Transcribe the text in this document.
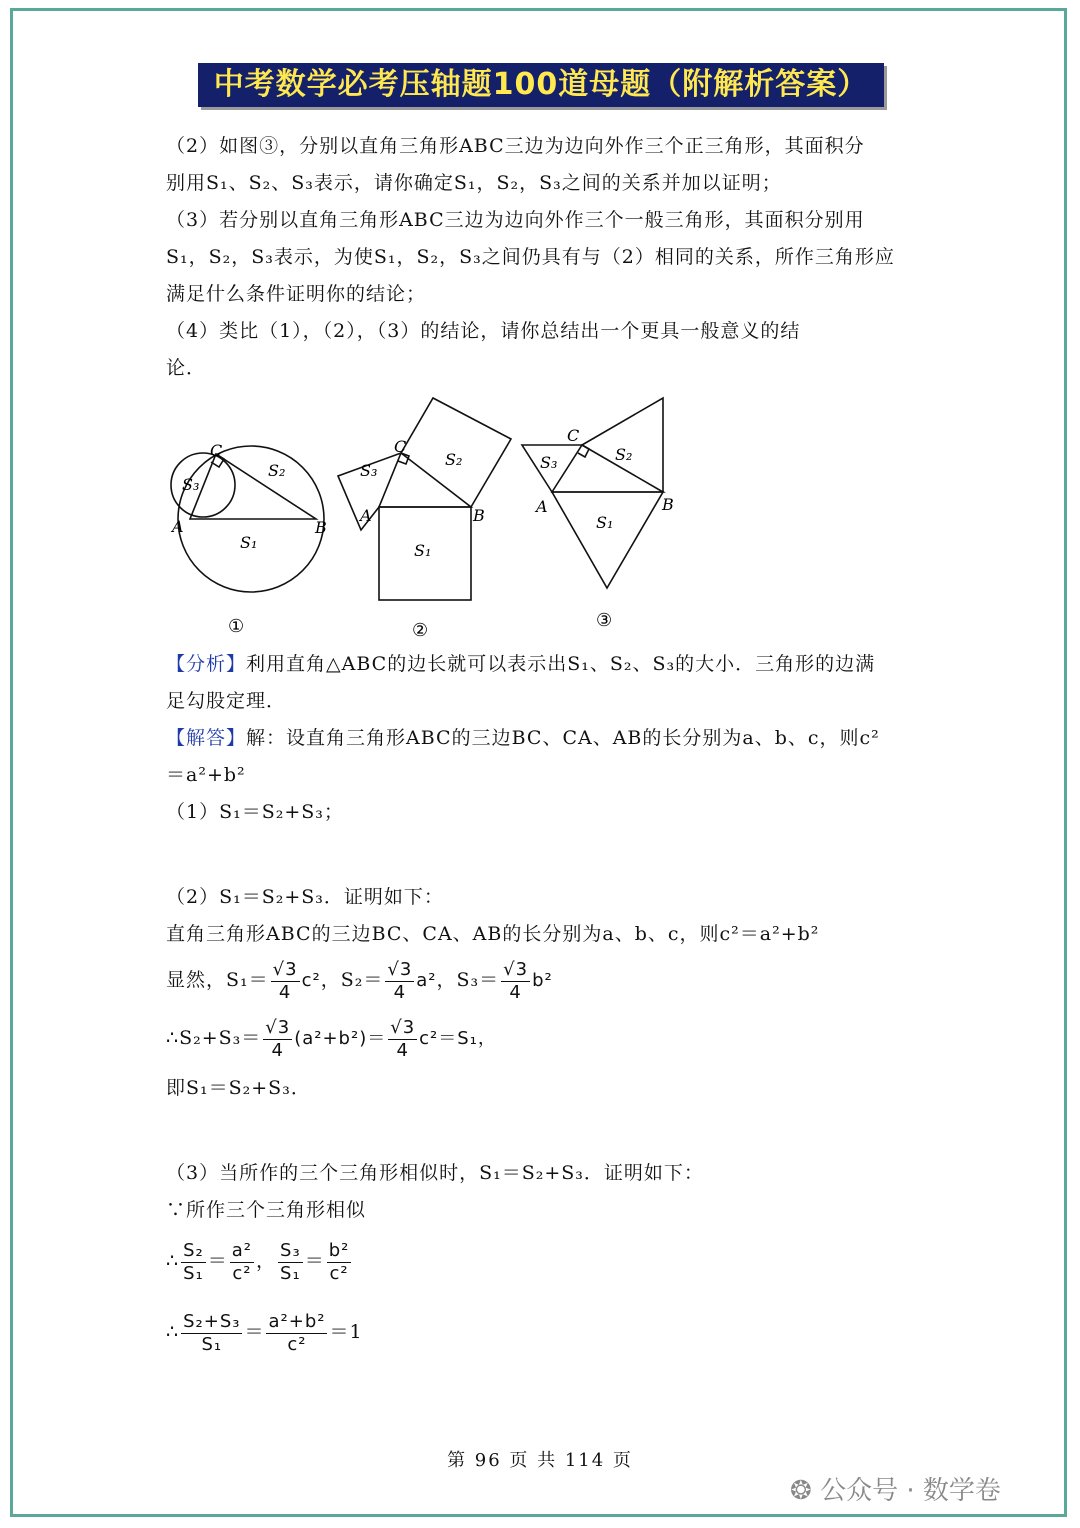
中考数学必考压轴题100道母题（附解析答案）
（2）如图③，分别以直角三角形ABC三边为边向外作三个正三角形，其面积分
别用S₁、S₂、S₃表示，请你确定S₁，S₂，S₃之间的关系并加以证明；
（3）若分别以直角三角形ABC三边为边向外作三个一般三角形，其面积分别用
S₁，S₂，S₃表示，为使S₁，S₂，S₃之间仍具有与（2）相同的关系，所作三角形应
满足什么条件证明你的结论；
（4）类比（1），（2），（3）的结论，请你总结出一个更具一般意义的结
论．
A	B
C
S₁
S₂
S₃
A	B
C
S₁
S₂
S₃
A	B
C
S₁
S₂
S₃
①	②	③
【分析】利用直角△ABC的边长就可以表示出S₁、S₂、S₃的大小．三角形的边满
足勾股定理．
【解答】解：设直角三角形ABC的三边BC、CA、AB的长分别为a、b、c，则c²
＝a²+b²
（1）S₁＝S₂+S₃；
（2）S₁＝S₂+S₃．证明如下：
直角三角形ABC的三边BC、CA、AB的长分别为a、b、c，则c²＝a²+b²
显然，$S_1= \frac{√3}{4} c^2$，$S_2= \frac{√3}{4} a^2$，$S_3= \frac{√3}{4} b^2$
∴S₂+S₃＝ $\frac{√3}{4} (a^2+b^2)= \frac{√3}{4} c^2=S_1$，
即S₁＝S₂+S₃．
（3）当所作的三个三角形相似时，S₁＝S₂+S₃．证明如下：
∵所作三个三角形相似
∴ $\frac{\text{S₂}}{\text{S₁}} = \frac{\text{a²}}{\text{c²}}$ ， $\frac{\text{S₃}}{\text{S₁}} = \frac{\text{b²}}{\text{c²}}$
∴ $\frac{\text{S₂+S₃}}{\text{S₁}} = \frac{\text{a²+b²}}{\text{c²}} =1$
第 96 页 共 114 页
❂ 公众号 · 数学卷
